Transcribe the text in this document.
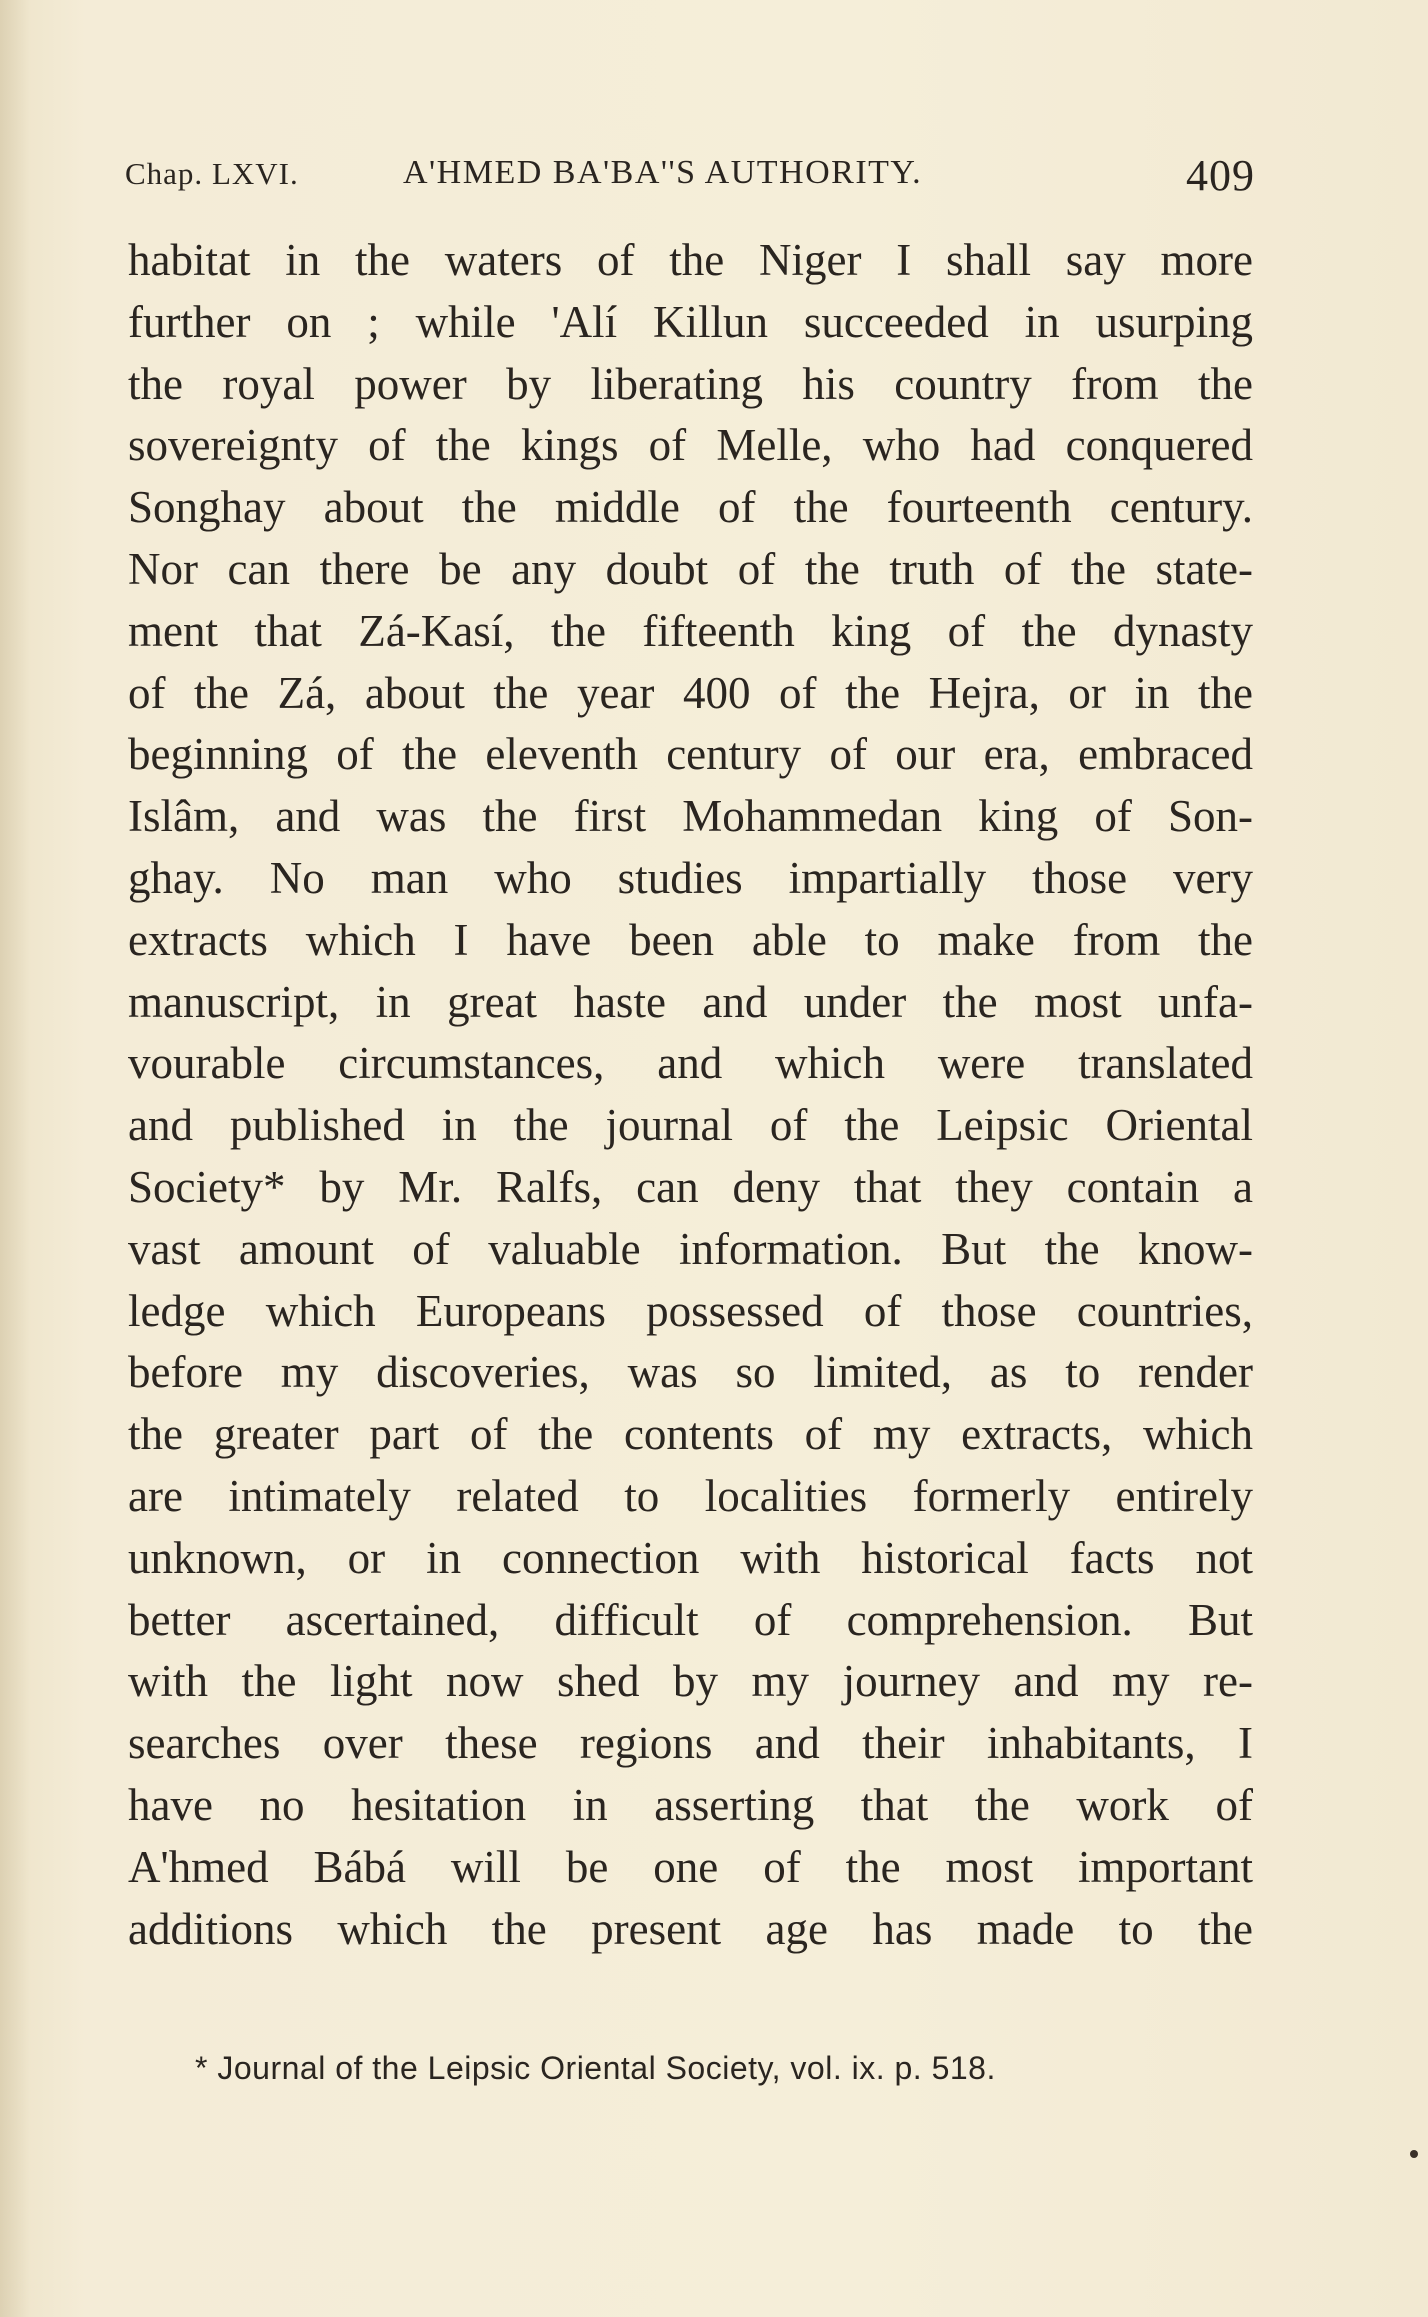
Chap. LXVI.	A'HMED BA'BA''S AUTHORITY.	409
habitat in the waters of the Niger I shall say more
further on ; while 'Alí Killun succeeded in usurping
the royal power by liberating his country from the
sovereignty of the kings of Melle, who had conquered
Songhay about the middle of the fourteenth century.
Nor can there be any doubt of the truth of the state-
ment that Zá-Kasí, the fifteenth king of the dynasty
of the Zá, about the year 400 of the Hejra, or in the
beginning of the eleventh century of our era, embraced
Islâm, and was the first Mohammedan king of Son-
ghay. No man who studies impartially those very
extracts which I have been able to make from the
manuscript, in great haste and under the most unfa-
vourable circumstances, and which were translated
and published in the journal of the Leipsic Oriental
Society* by Mr. Ralfs, can deny that they contain a
vast amount of valuable information. But the know-
ledge which Europeans possessed of those countries,
before my discoveries, was so limited, as to render
the greater part of the contents of my extracts, which
are intimately related to localities formerly entirely
unknown, or in connection with historical facts not
better ascertained, difficult of comprehension. But
with the light now shed by my journey and my re-
searches over these regions and their inhabitants, I
have no hesitation in asserting that the work of
A'hmed Bábá will be one of the most important
additions which the present age has made to the
* Journal of the Leipsic Oriental Society, vol. ix. p. 518.
